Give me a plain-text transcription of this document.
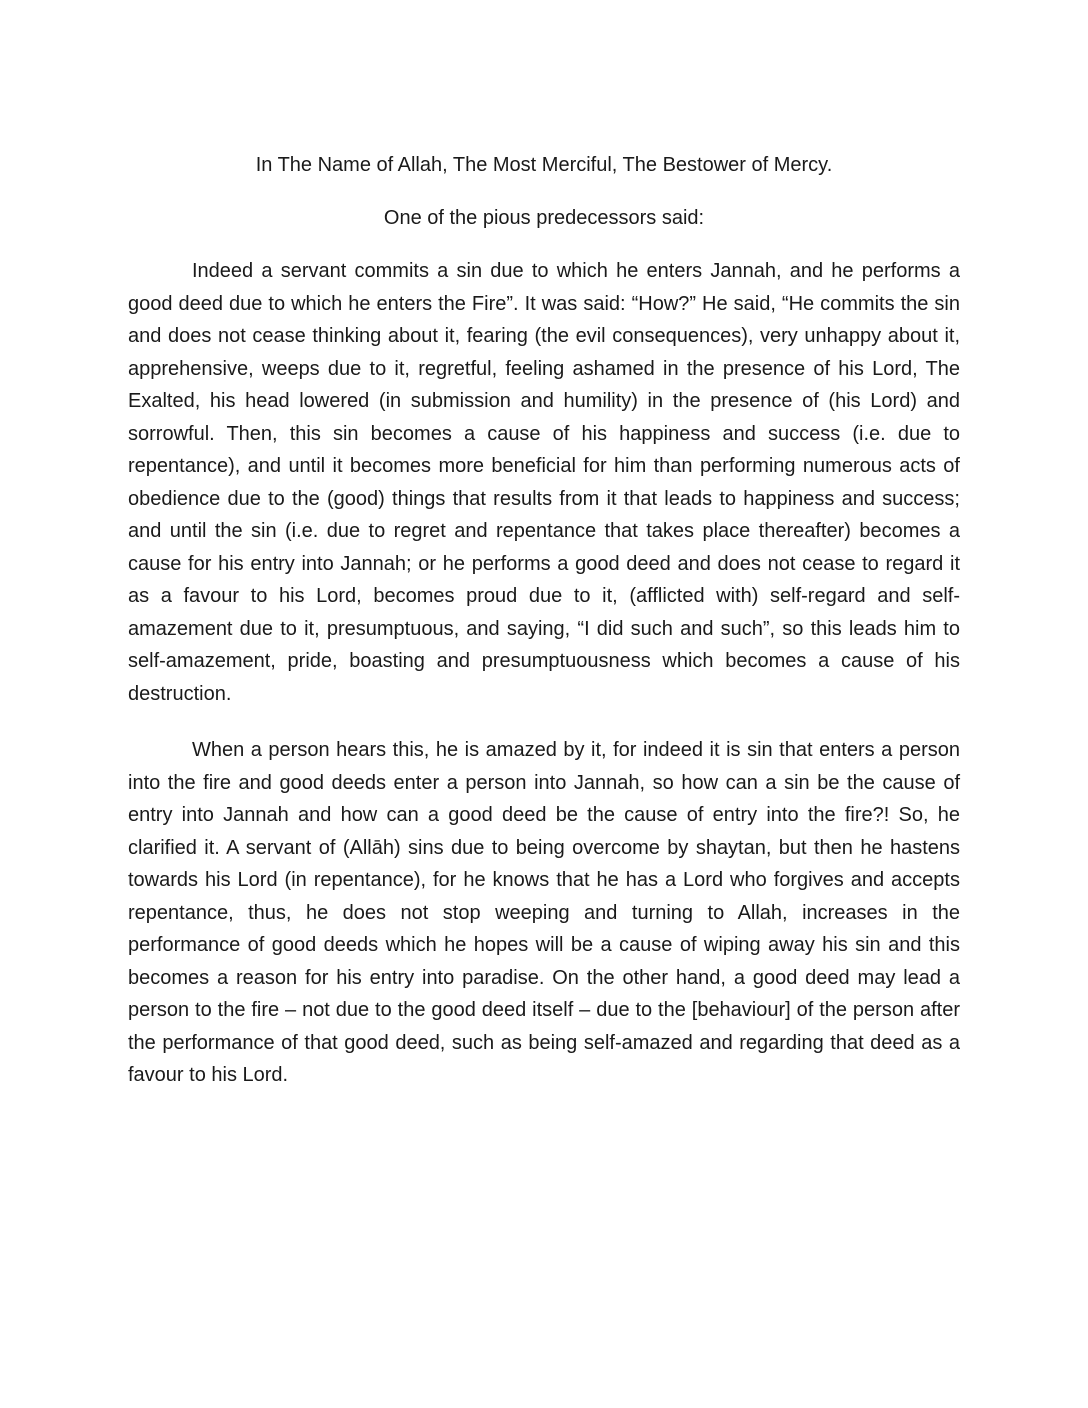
In The Name of Allah, The Most Merciful, The Bestower of Mercy.

One of the pious predecessors said:

Indeed a servant commits a sin due to which he enters Jannah, and he performs a good deed due to which he enters the Fire”. It was said: “How?” He said, “He commits the sin and does not cease thinking about it, fearing (the evil consequences), very unhappy about it, apprehensive, weeps due to it, regretful, feeling ashamed in the presence of his Lord, The Exalted, his head lowered (in submission and humility) in the presence of (his Lord) and sorrowful. Then, this sin becomes a cause of his happiness and success (i.e. due to repentance), and until it becomes more beneficial for him than performing numerous acts of obedience due to the (good) things that results from it that leads to happiness and success; and until the sin (i.e. due to regret and repentance that takes place thereafter) becomes a cause for his entry into Jannah; or he performs a good deed and does not cease to regard it as a favour to his Lord, becomes proud due to it, (afflicted with) self-regard and self-amazement due to it, presumptuous, and saying, “I did such and such”, so this leads him to self-amazement, pride, boasting and presumptuousness which becomes a cause of his destruction.

When a person hears this, he is amazed by it, for indeed it is sin that enters a person into the fire and good deeds enter a person into Jannah, so how can a sin be the cause of entry into Jannah and how can a good deed be the cause of entry into the fire?! So, he clarified it. A servant of (Allāh) sins due to being overcome by shaytan, but then he hastens towards his Lord (in repentance), for he knows that he has a Lord who forgives and accepts repentance, thus, he does not stop weeping and turning to Allah, increases in the performance of good deeds which he hopes will be a cause of wiping away his sin and this becomes a reason for his entry into paradise. On the other hand, a good deed may lead a person to the fire – not due to the good deed itself – due to the [behaviour] of the person after the performance of that good deed, such as being self-amazed and regarding that deed as a favour to his Lord.
